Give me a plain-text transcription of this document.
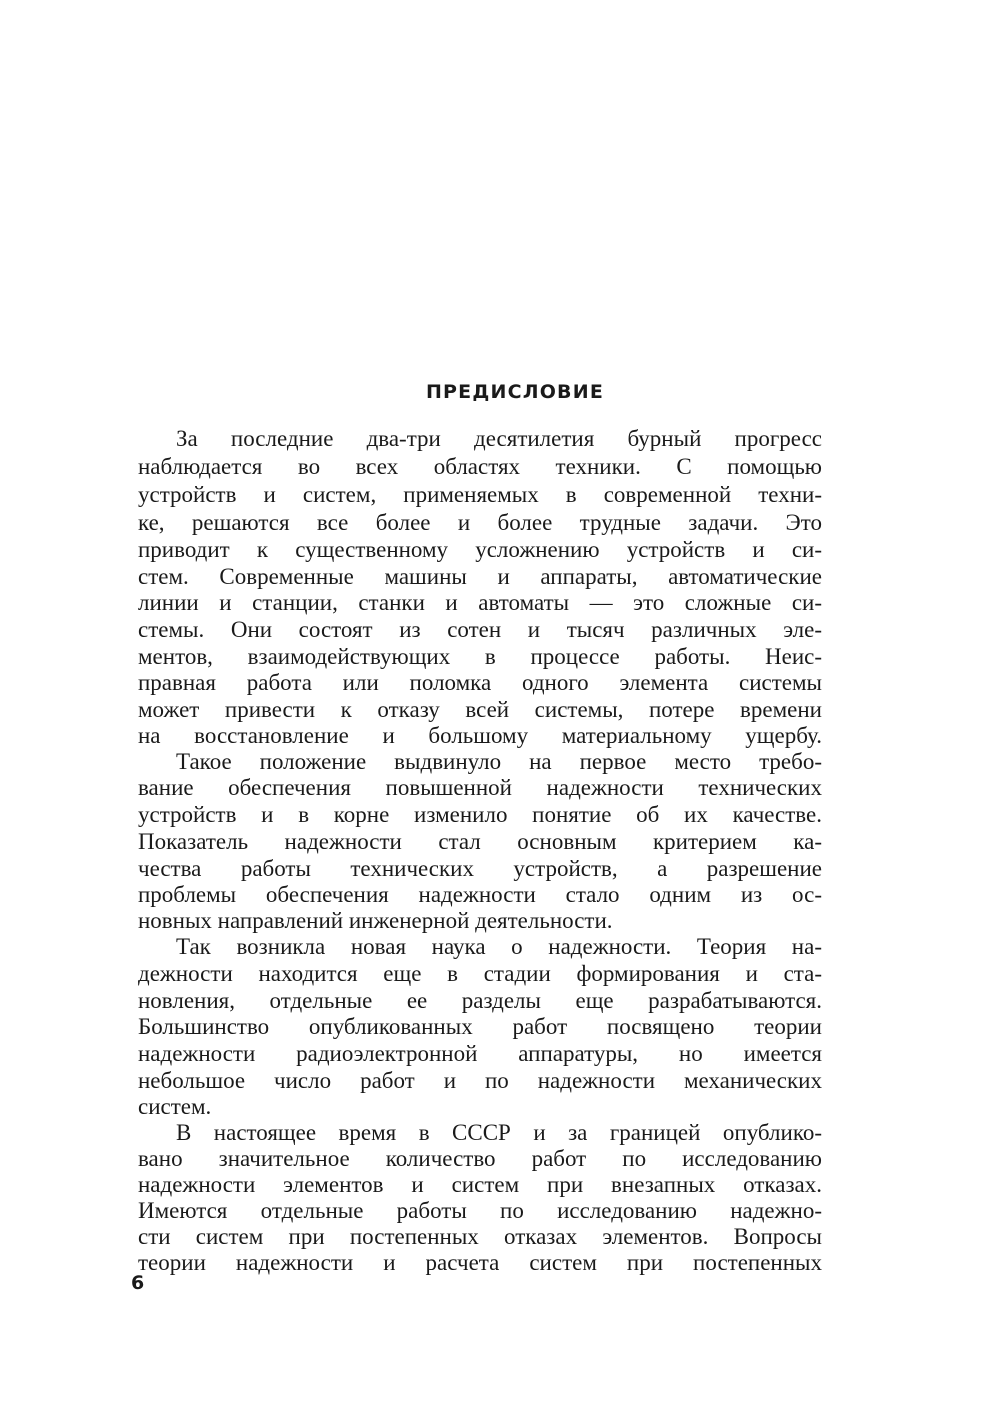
ПРЕДИСЛОВИЕ
За последние два-три десятилетия бурный прогресс
наблюдается во всех областях техники. С помощью
устройств и систем, применяемых в современной техни-
ке, решаются все более и более трудные задачи. Это
приводит к существенному усложнению устройств и си-
стем. Современные машины и аппараты, автоматические
линии и станции, станки и автоматы — это сложные си-
стемы. Они состоят из сотен и тысяч различных эле-
ментов, взаимодействующих в процессе работы. Неис-
правная работа или поломка одного элемента системы
может привести к отказу всей системы, потере времени
на восстановление и большому материальному ущербу.
Такое положение выдвинуло на первое место требо-
вание обеспечения повышенной надежности технических
устройств и в корне изменило понятие об их качестве.
Показатель надежности стал основным критерием ка-
чества работы технических устройств, а разрешение
проблемы обеспечения надежности стало одним из ос-
новных направлений инженерной деятельности.
Так возникла новая наука о надежности. Теория на-
дежности находится еще в стадии формирования и ста-
новления, отдельные ее разделы еще разрабатываются.
Большинство опубликованных работ посвящено теории
надежности радиоэлектронной аппаратуры, но имеется
небольшое число работ и по надежности механических
систем.
В настоящее время в СССР и за границей опублико-
вано значительное количество работ по исследованию
надежности элементов и систем при внезапных отказах.
Имеются отдельные работы по исследованию надежно-
сти систем при постепенных отказах элементов. Вопросы
теории надежности и расчета систем при постепенных
6
